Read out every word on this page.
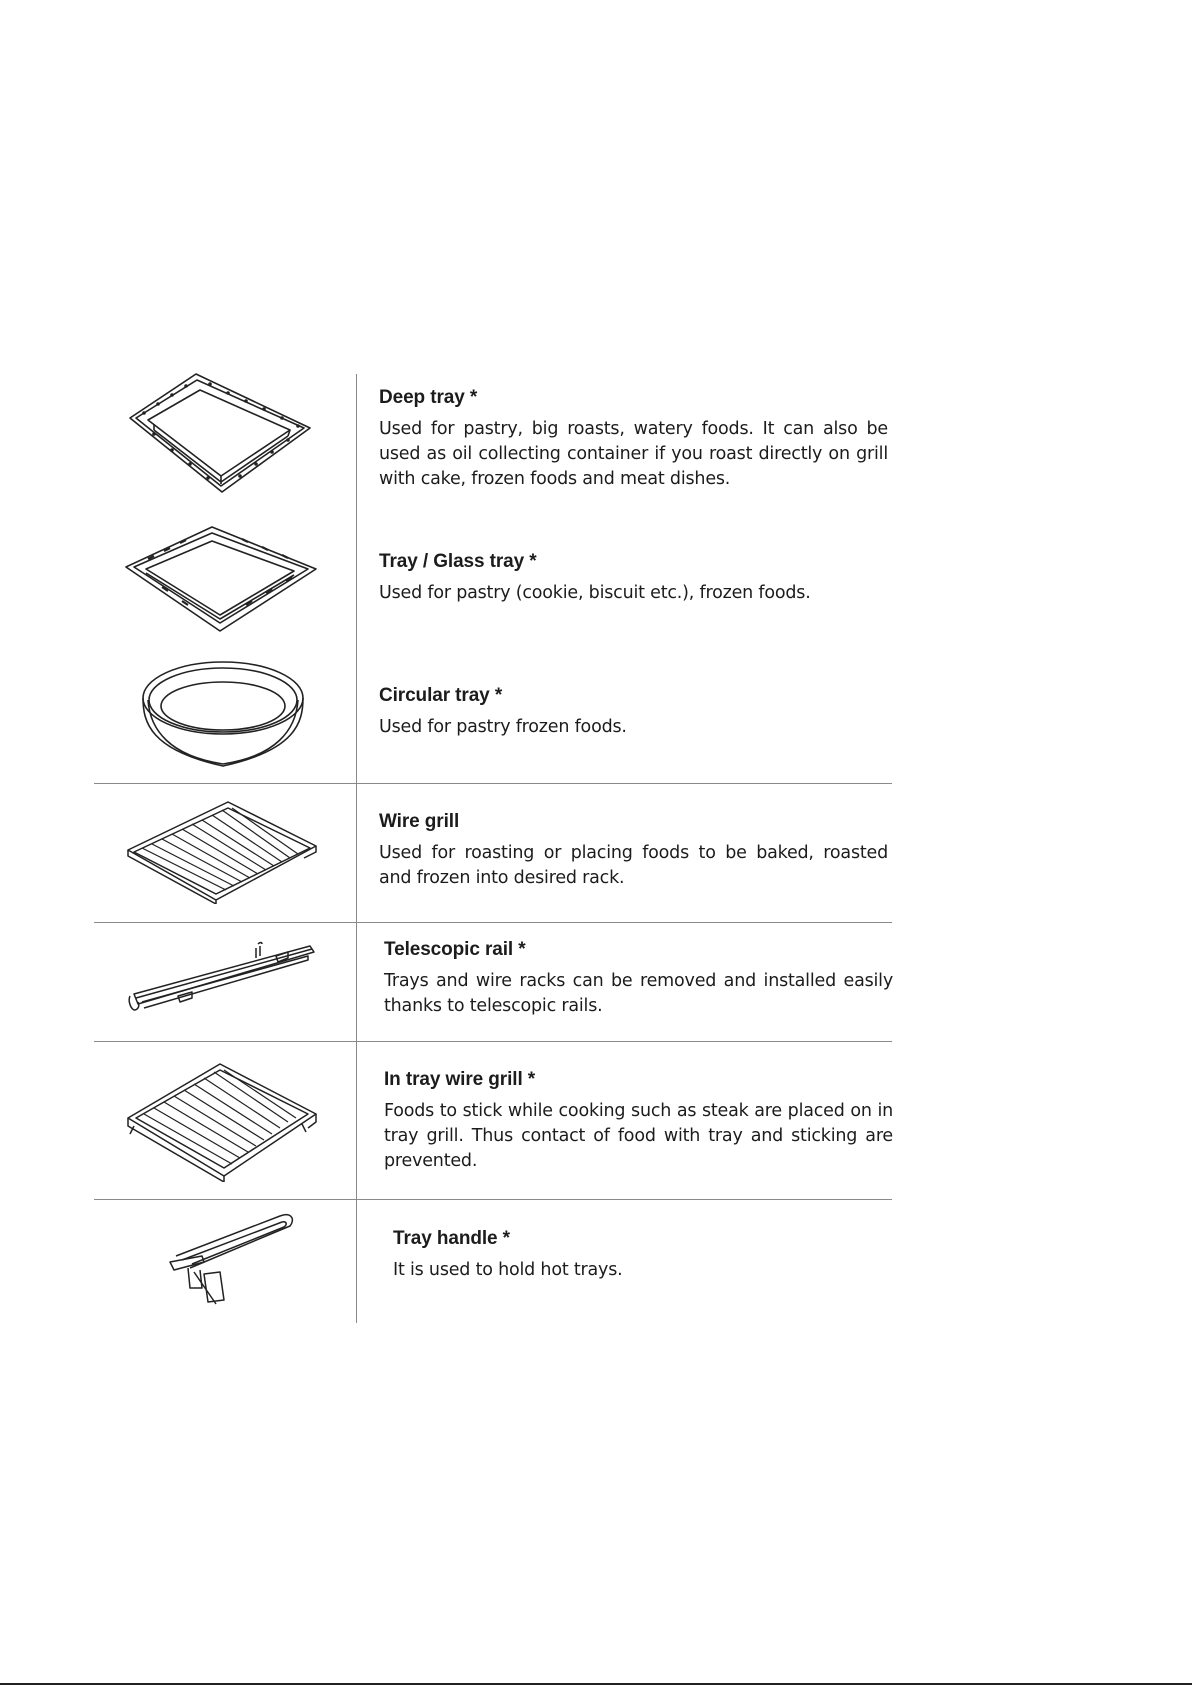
Deep tray *

Used for pastry, big roasts, watery foods. It can also be used as oil collecting container if you roast directly on grill with cake, frozen foods and meat dishes.

Tray / Glass tray *

Used for pastry (cookie, biscuit etc.), frozen foods.

Circular tray *

Used for pastry frozen foods.

Wire grill

Used for roasting or placing foods to be baked, roasted and frozen into desired rack.

Telescopic rail *

Trays and wire racks can be removed and installed easily thanks to telescopic rails.

In tray wire grill *

Foods to stick while cooking such as steak are placed on in tray grill. Thus contact of food with tray and sticking are prevented.

Tray handle *

It is used to hold hot trays.
